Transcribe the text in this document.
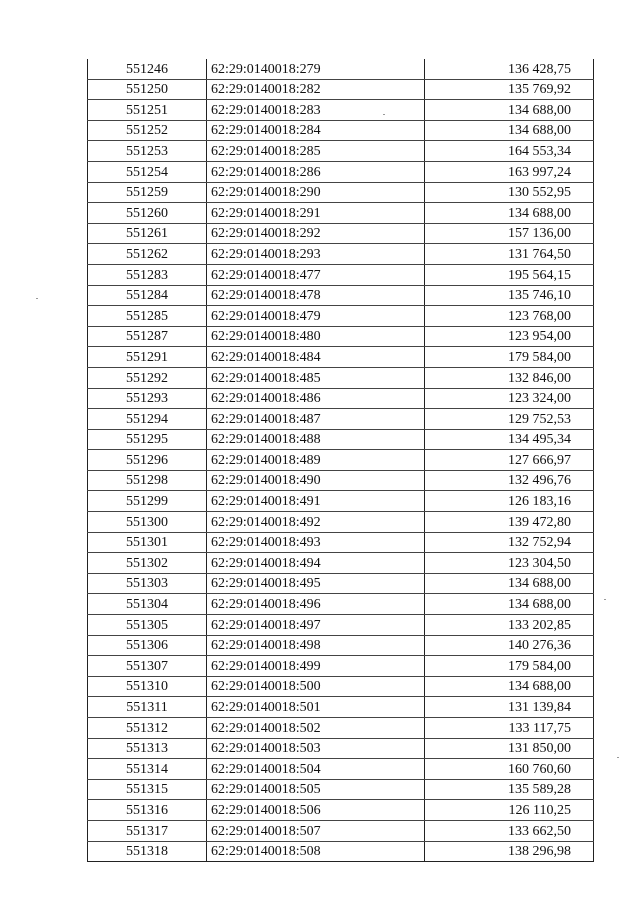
551246	62:29:0140018:279	136 428,75
551250	62:29:0140018:282	135 769,92
551251	62:29:0140018:283	134 688,00
551252	62:29:0140018:284	134 688,00
551253	62:29:0140018:285	164 553,34
551254	62:29:0140018:286	163 997,24
551259	62:29:0140018:290	130 552,95
551260	62:29:0140018:291	134 688,00
551261	62:29:0140018:292	157 136,00
551262	62:29:0140018:293	131 764,50
551283	62:29:0140018:477	195 564,15
551284	62:29:0140018:478	135 746,10
551285	62:29:0140018:479	123 768,00
551287	62:29:0140018:480	123 954,00
551291	62:29:0140018:484	179 584,00
551292	62:29:0140018:485	132 846,00
551293	62:29:0140018:486	123 324,00
551294	62:29:0140018:487	129 752,53
551295	62:29:0140018:488	134 495,34
551296	62:29:0140018:489	127 666,97
551298	62:29:0140018:490	132 496,76
551299	62:29:0140018:491	126 183,16
551300	62:29:0140018:492	139 472,80
551301	62:29:0140018:493	132 752,94
551302	62:29:0140018:494	123 304,50
551303	62:29:0140018:495	134 688,00
551304	62:29:0140018:496	134 688,00
551305	62:29:0140018:497	133 202,85
551306	62:29:0140018:498	140 276,36
551307	62:29:0140018:499	179 584,00
551310	62:29:0140018:500	134 688,00
551311	62:29:0140018:501	131 139,84
551312	62:29:0140018:502	133 117,75
551313	62:29:0140018:503	131 850,00
551314	62:29:0140018:504	160 760,60
551315	62:29:0140018:505	135 589,28
551316	62:29:0140018:506	126 110,25
551317	62:29:0140018:507	133 662,50
551318	62:29:0140018:508	138 296,98
